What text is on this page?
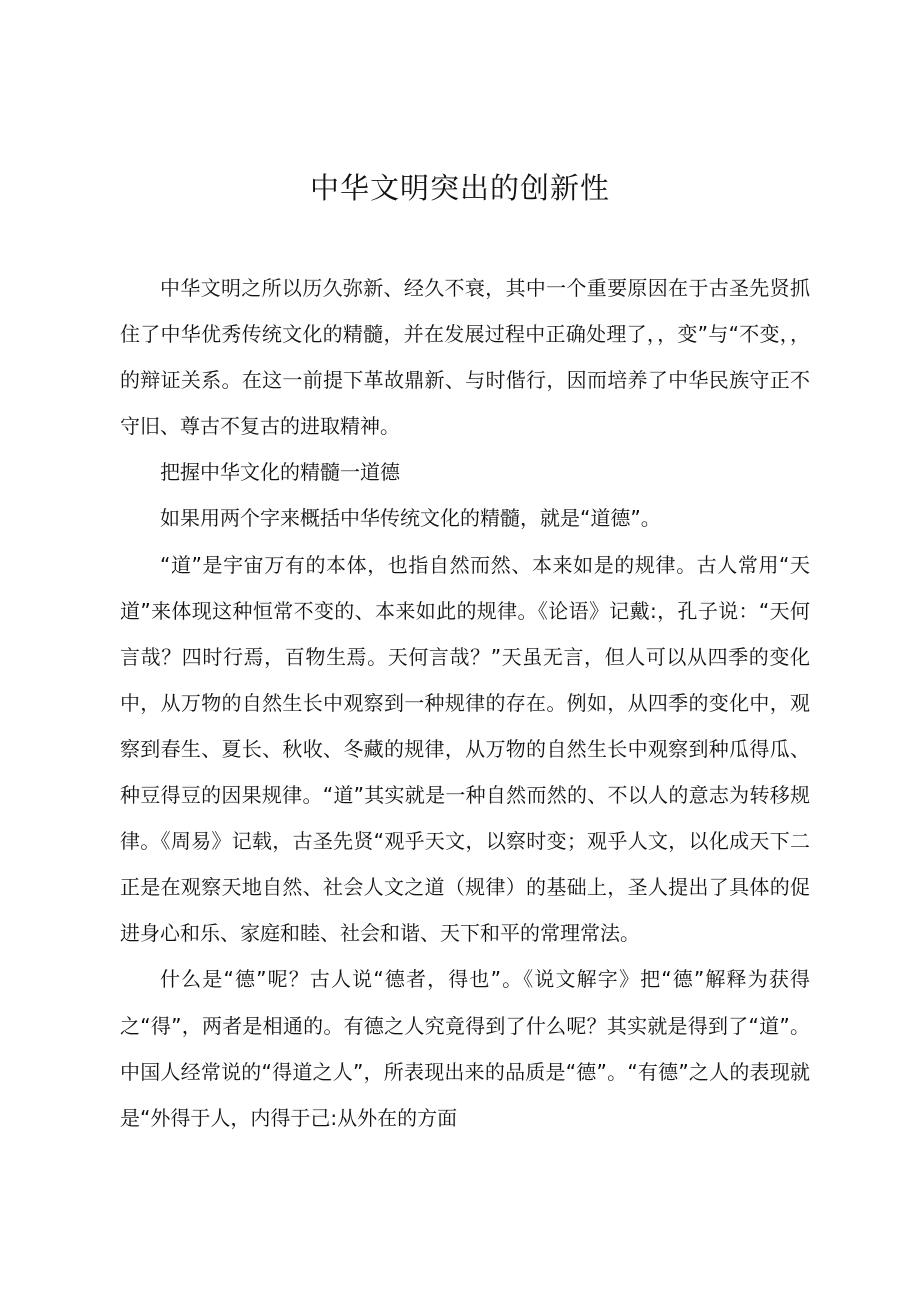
中华文明突出的创新性

中华文明之所以历久弥新、经久不衰，其中一个重要原因在于古圣先贤抓住了中华优秀传统文化的精髓，并在发展过程中正确处理了，，变”与“不变，，的辩证关系。在这一前提下革故鼎新、与时偕行，因而培养了中华民族守正不守旧、尊古不复古的进取精神。

把握中华文化的精髓一道德

如果用两个字来概括中华传统文化的精髓，就是“道德”。

“道”是宇宙万有的本体，也指自然而然、本来如是的规律。古人常用“天道”来体现这种恒常不变的、本来如此的规律。《论语》记戴:，孔子说：“天何言哉？四时行焉，百物生焉。天何言哉？”天虽无言，但人可以从四季的变化中，从万物的自然生长中观察到一种规律的存在。例如，从四季的变化中，观察到春生、夏长、秋收、冬藏的规律，从万物的自然生长中观察到种瓜得瓜、种豆得豆的因果规律。“道”其实就是一种自然而然的、不以人的意志为转移规律。《周易》记载，古圣先贤“观乎天文，以察时变；观乎人文，以化成天下二正是在观察天地自然、社会人文之道（规律）的基础上，圣人提出了具体的促进身心和乐、家庭和睦、社会和谐、天下和平的常理常法。

什么是“德”呢？古人说“德者，得也”。《说文解字》把“德”解释为获得之“得”，两者是相通的。有德之人究竟得到了什么呢？其实就是得到了“道”。中国人经常说的“得道之人”，所表现出来的品质是“德”。“有德”之人的表现就是“外得于人，内得于己:从外在的方面
